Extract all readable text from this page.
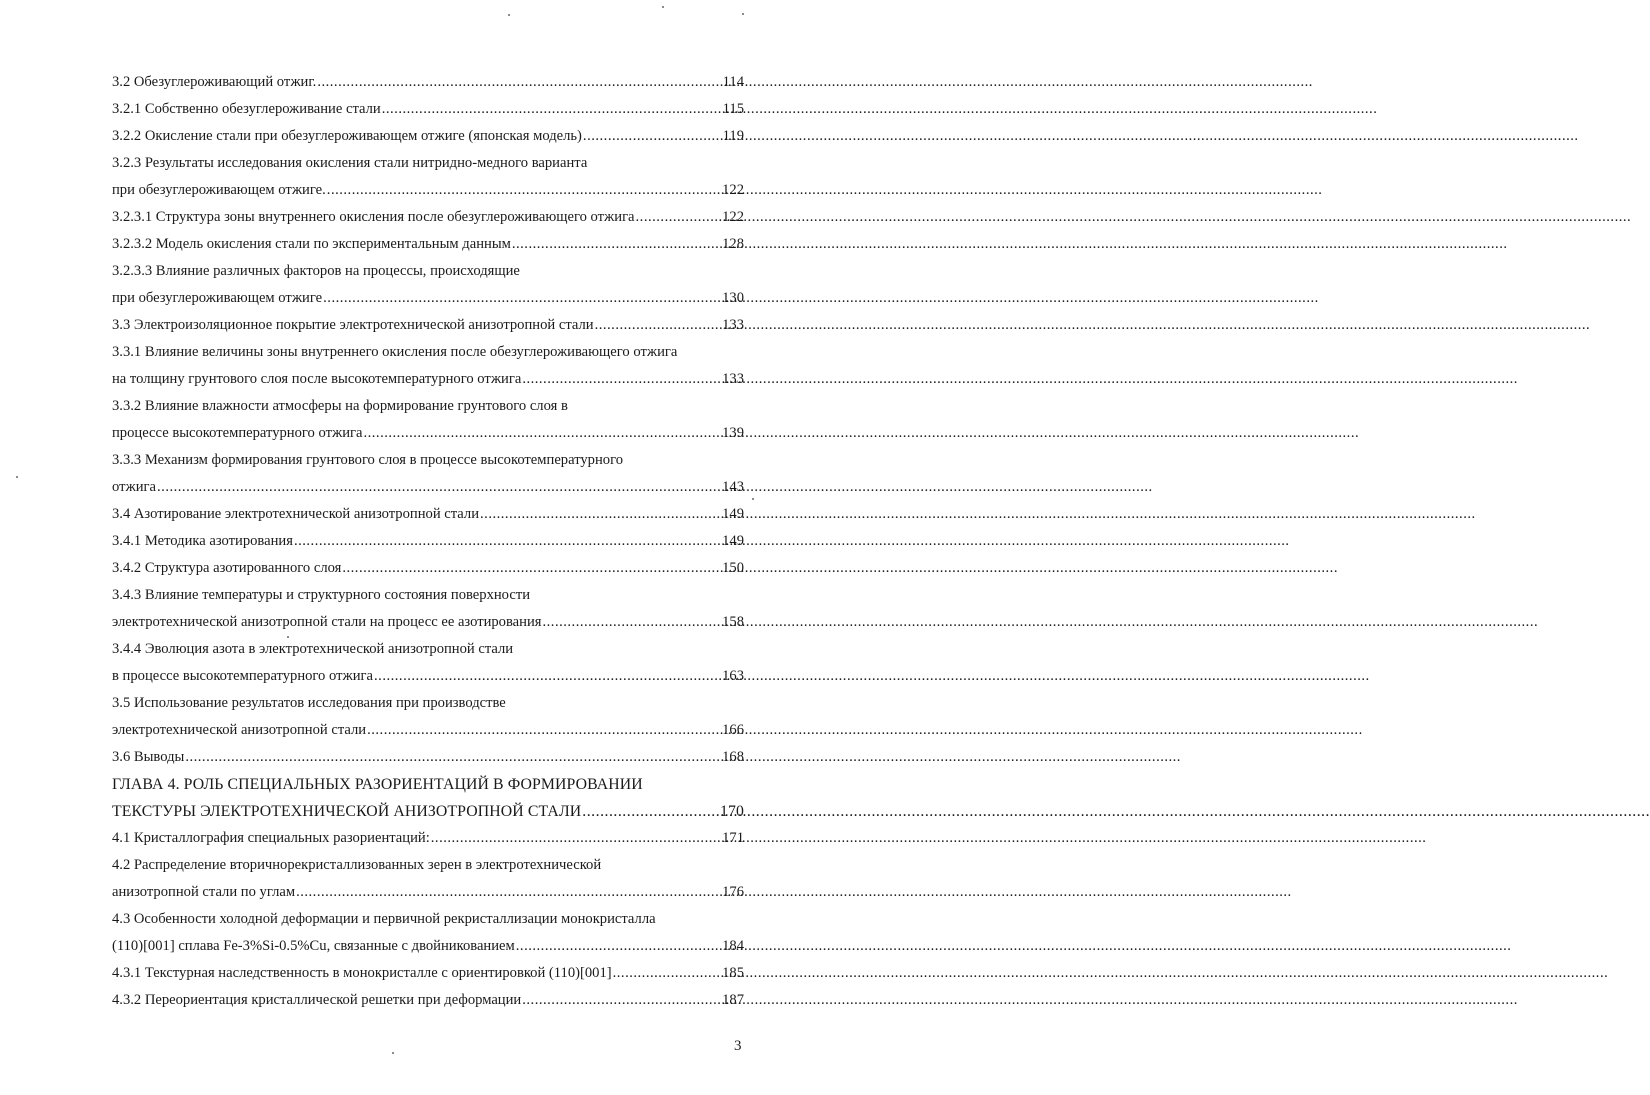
3.2 Обезуглероживающий отжиг. .....	114
3.2.1 Собственно обезуглероживание стали .....	115
3.2.2 Окисление стали при обезуглероживающем отжиге (японская модель) .....	119
3.2.3 Результаты исследования окисления стали нитридно-медного варианта
при обезуглероживающем отжиге. .....	122
3.2.3.1 Структура зоны внутреннего окисления после обезуглероживающего отжига .....	122
3.2.3.2 Модель окисления стали по экспериментальным данным .....	128
3.2.3.3 Влияние различных факторов на процессы, происходящие
при обезуглероживающем отжиге .....	130
3.3 Электроизоляционное покрытие электротехнической анизотропной стали .....	133
3.3.1 Влияние величины зоны внутреннего окисления после обезуглероживающего отжига
на толщину грунтового слоя после высокотемпературного отжига .....	133
3.3.2 Влияние влажности атмосферы на формирование грунтового слоя в
процессе высокотемпературного отжига .....	139
3.3.3 Механизм формирования грунтового слоя в процессе высокотемпературного
отжига .....	143
3.4 Азотирование электротехнической анизотропной стали .....	149
3.4.1 Методика азотирования .....	149
3.4.2 Структура азотированного слоя .....	150
3.4.3 Влияние температуры и структурного состояния поверхности
электротехнической анизотропной стали на процесс ее азотирования .....	158
3.4.4 Эволюция азота в электротехнической анизотропной стали
в процессе высокотемпературного отжига .....	163
3.5 Использование результатов исследования при производстве
электротехнической анизотропной стали .....	166
3.6 Выводы .....	168
ГЛАВА 4. РОЛЬ СПЕЦИАЛЬНЫХ РАЗОРИЕНТАЦИЙ В ФОРМИРОВАНИИ
ТЕКСТУРЫ ЭЛЕКТРОТЕХНИЧЕСКОЙ АНИЗОТРОПНОЙ СТАЛИ .....	170
4.1 Кристаллография специальных разориентаций: .....	171
4.2 Распределение вторичнорекристаллизованных зерен в электротехнической
анизотропной стали по углам .....	176
4.3 Особенности холодной деформации и первичной рекристаллизации монокристалла
(110)[001] сплава Fe-3%Si-0.5%Cu, связанные с двойникованием .....	184
4.3.1 Текстурная наследственность в монокристалле с ориентировкой (110)[001] .....	185
4.3.2 Переориентация кристаллической решетки при деформации .....	187
3
